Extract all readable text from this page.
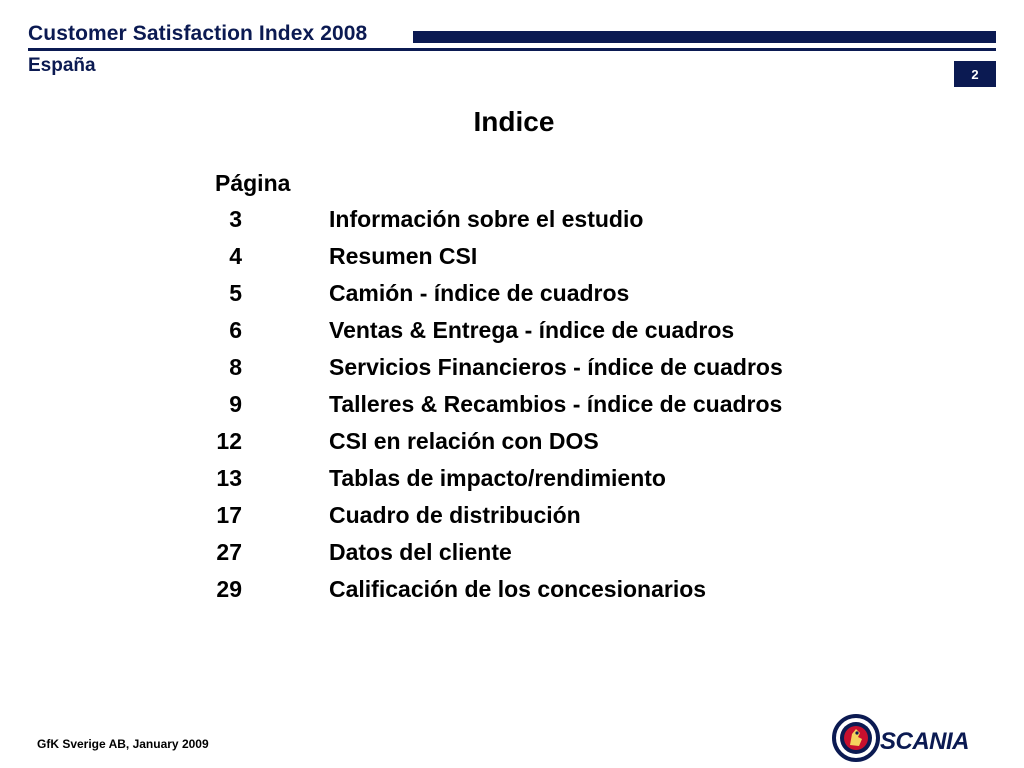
Customer Satisfaction Index 2008
España	2
Indice
Página
3	Información sobre el estudio
4	Resumen CSI
5	Camión - índice de cuadros
6	Ventas & Entrega - índice de cuadros
8	Servicios Financieros - índice de cuadros
9	Talleres & Recambios - índice de cuadros
12	CSI en relación con DOS
13	Tablas de impacto/rendimiento
17	Cuadro de distribución
27	Datos del cliente
29	Calificación de los concesionarios
GfK Sverige AB, January 2009	SCANIA
